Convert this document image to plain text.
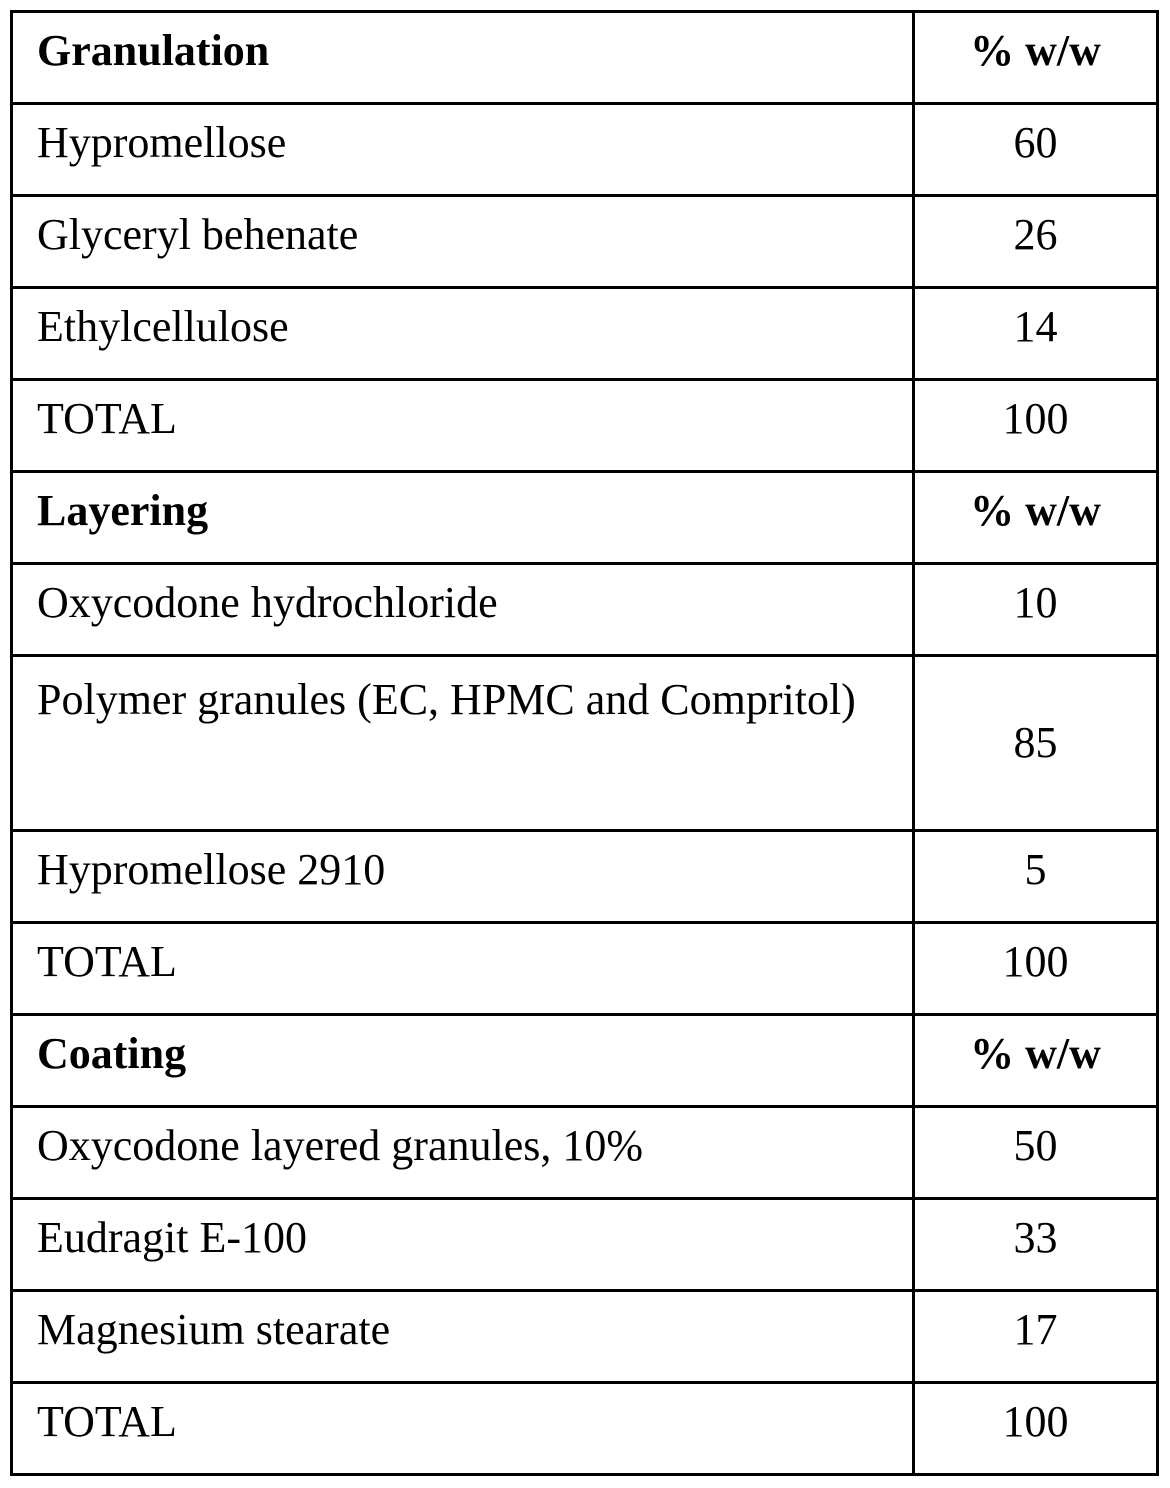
Granulation	% w/w
Hypromellose	60
Glyceryl behenate	26
Ethylcellulose	14
TOTAL	100
Layering	% w/w
Oxycodone hydrochloride	10
Polymer granules (EC, HPMC and Compritol)	85
Hypromellose 2910	5
TOTAL	100
Coating	% w/w
Oxycodone layered granules, 10%	50
Eudragit E-100	33
Magnesium stearate	17
TOTAL	100
